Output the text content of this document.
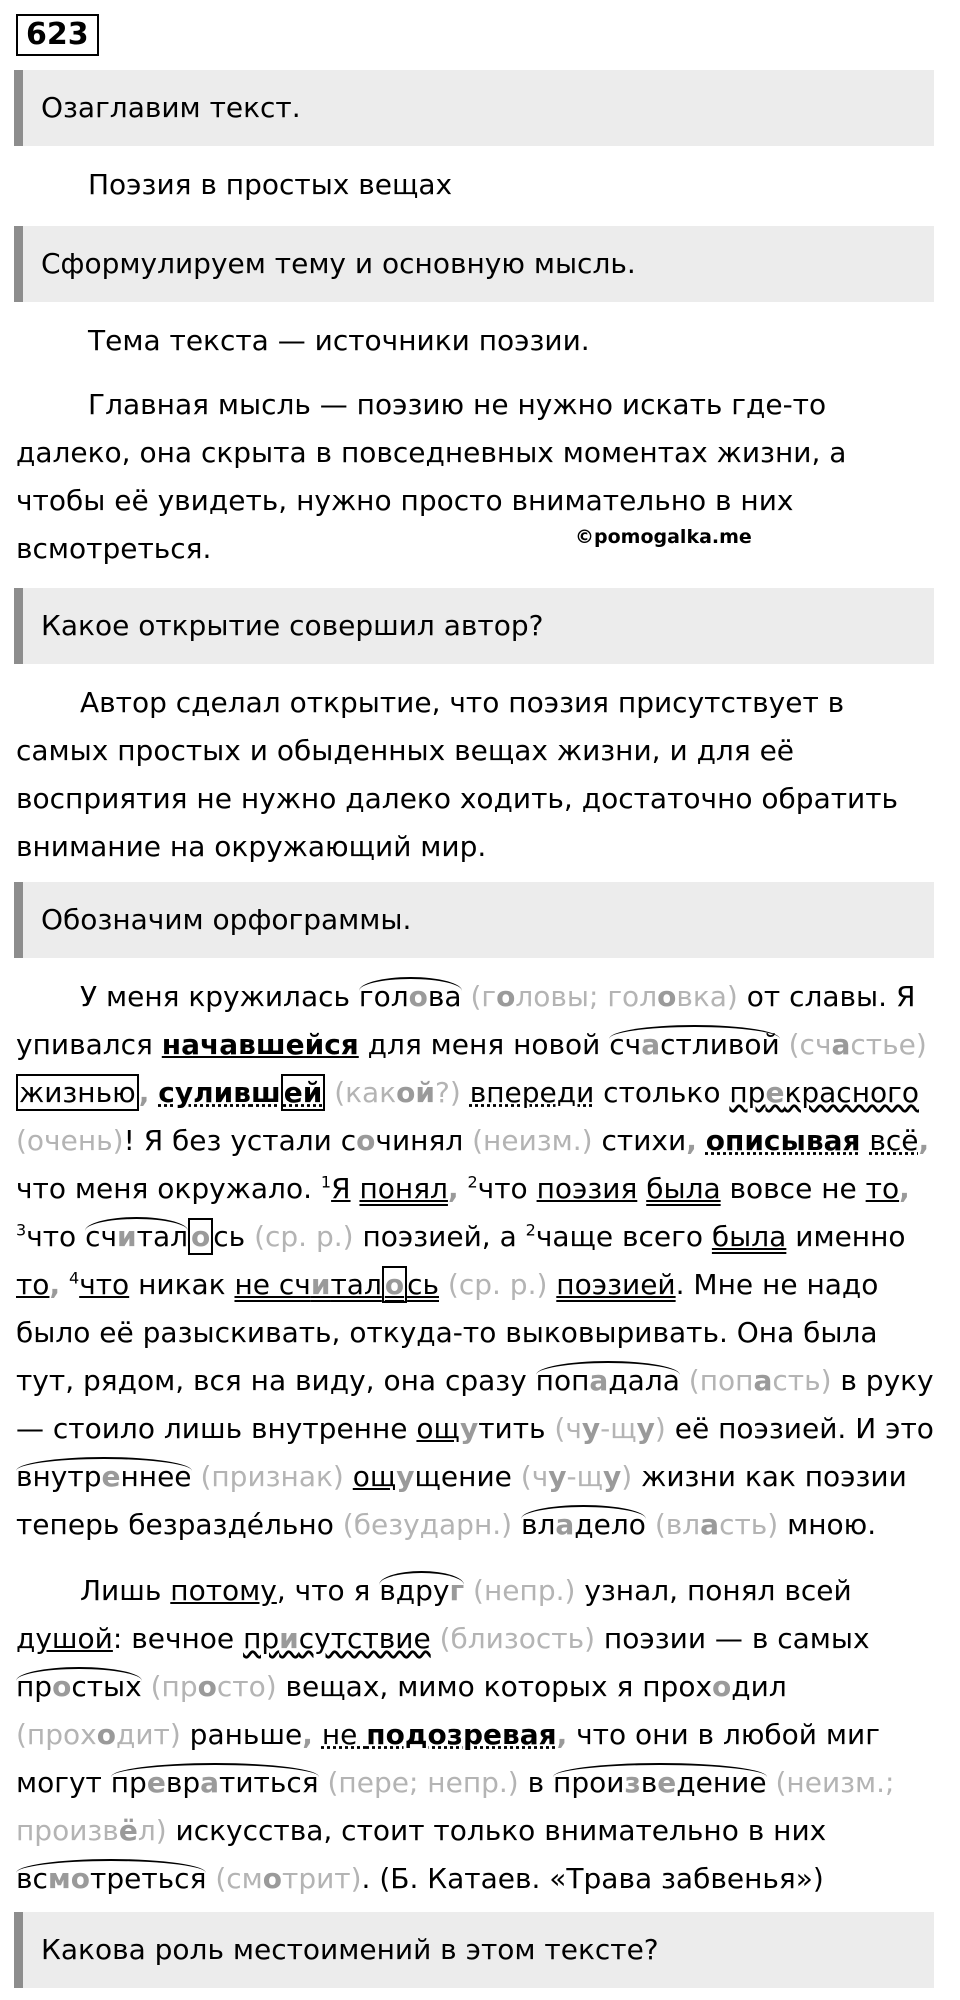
623
Озаглавим текст.
Поэзия в простых вещах
Сформулируем тему и основную мысль.
Тема текста — источники поэзии.
Главная мысль — поэзию не нужно искать где-то
далеко, она скрыта в повседневных моментах жизни, а
чтобы её увидеть, нужно просто внимательно в них
всмотреться.	©pomogalka.me
Какое открытие совершил автор?
Автор сделал открытие, что поэзия присутствует в
самых простых и обыденных вещах жизни, и для её
восприятия не нужно далеко ходить, достаточно обратить
внимание на окружающий мир.
Обозначим орфограммы.
У меня кружилась голова (головы; головка) от славы. Я
упивался начавшейся для меня новой счастливой (счастье)
жизнью , суливш ей (какой?) впереди столько прекрасного
(очень)! Я без устали сочинял (неизм.) стихи, описывая всё,
что меня окружало. $^1$Я понял, $^2$что поэзия была вовсе не то,
$^3$что считал о сь (ср. р.) поэзией, а $^2$чаще всего была именно
то, $^4$что никак не считал о сь (ср. р.) поэзией. Мне не надо
было её разыскивать, откуда-то выковыривать. Она была
тут, рядом, вся на виду, она сразу попадала (попасть) в руку
— стоило лишь внутренне ощутить (чу-щу) её поэзией. И это
внутреннее (признак) ощущение (чу-щу) жизни как поэзии
теперь безразде́льно (безударн.) владело (власть) мною.
Лишь потому, что я вдруг (непр.) узнал, понял всей
душой: вечное присутствие (близость) поэзии — в самых
простых (просто) вещах, мимо которых я проходил
(проходит) раньше, не подозревая, что они в любой миг
могут превратиться (пере; непр.) в произведение (неизм.;
произвёл) искусства, стоит только внимательно в них
всмотреться (смотрит). (Б. Катаев. «Трава забвенья»)
Какова роль местоимений в этом тексте?
